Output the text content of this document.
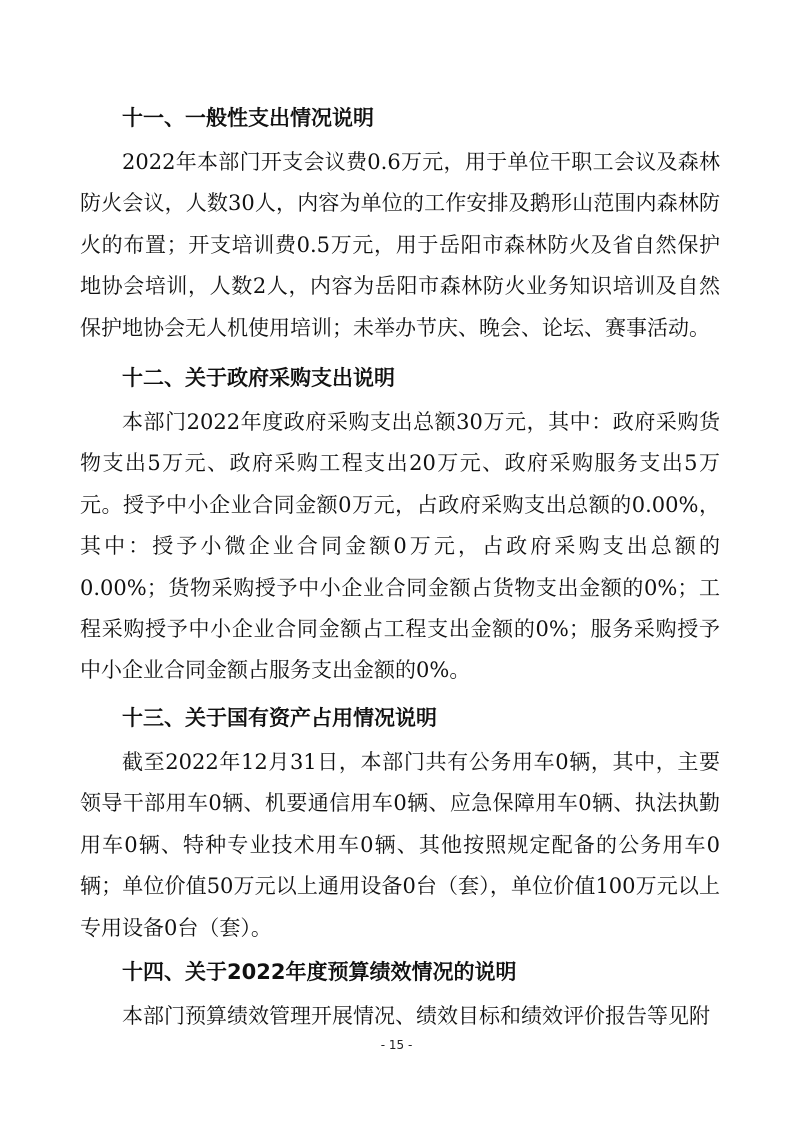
十一、一般性支出情况说明

2022年本部门开支会议费0.6万元，用于单位干职工会议及森林防火会议，人数30人，内容为单位的工作安排及鹅形山范围内森林防火的布置；开支培训费0.5万元，用于岳阳市森林防火及省自然保护地协会培训，人数2人，内容为岳阳市森林防火业务知识培训及自然保护地协会无人机使用培训；未举办节庆、晚会、论坛、赛事活动。

十二、关于政府采购支出说明

本部门2022年度政府采购支出总额30万元，其中：政府采购货物支出5万元、政府采购工程支出20万元、政府采购服务支出5万元。授予中小企业合同金额0万元，占政府采购支出总额的0.00%，其中：授予小微企业合同金额0万元，占政府采购支出总额的0.00%；货物采购授予中小企业合同金额占货物支出金额的0%；工程采购授予中小企业合同金额占工程支出金额的0%；服务采购授予中小企业合同金额占服务支出金额的0%。

十三、关于国有资产占用情况说明

截至2022年12月31日，本部门共有公务用车0辆，其中，主要领导干部用车0辆、机要通信用车0辆、应急保障用车0辆、执法执勤用车0辆、特种专业技术用车0辆、其他按照规定配备的公务用车0辆；单位价值50万元以上通用设备0台（套），单位价值100万元以上专用设备0台（套）。

十四、关于2022年度预算绩效情况的说明

本部门预算绩效管理开展情况、绩效目标和绩效评价报告等见附

- 15 -
